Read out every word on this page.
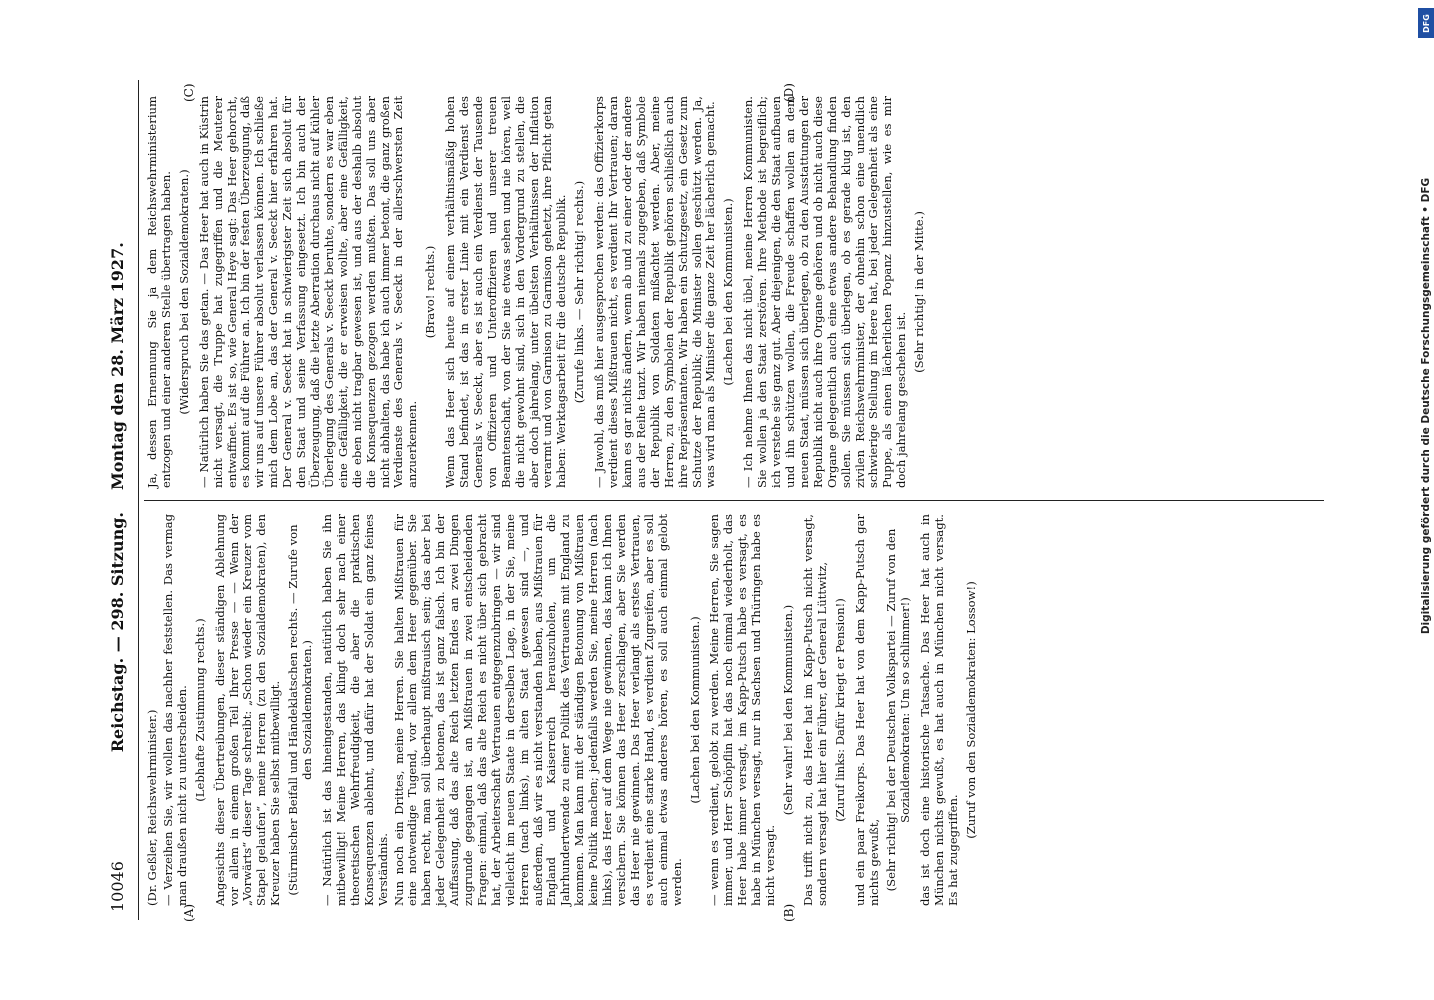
10046
Reichstag. — 298. Sitzung.
Montag den 28. März 1927.
(A)	(B)
(C)	(D)

(Dr. Geßler, Reichswehrminister.) — Verzeihen Sie, wir wollen das nachher feststellen. Das vermag man draußen nicht zu unterscheiden. (Lebhafte Zustimmung rechts.) Angesichts dieser Übertreibungen, dieser ständigen Ablehnung vor allem in einem großen Teil Ihrer Presse — — Wenn der „Vorwärts“ dieser Tage schreibt: „Schon wieder ein Kreuzer vom Stapel gelaufen“, meine Herren (zu den Sozialdemokraten), den Kreuzer haben Sie selbst mitbewilligt. (Stürmischer Beifall und Händeklatschen rechts. — Zurufe von den Sozialdemokraten.) — Natürlich ist das hineingestanden, natürlich haben Sie ihn mitbewilligt! Meine Herren, das klingt doch sehr nach einer theoretischen Wehrfreudigkeit, die aber die praktischen Konsequenzen ablehnt, und dafür hat der Soldat ein ganz feines Verständnis. Nun noch ein Drittes, meine Herren. Sie halten Mißtrauen für eine notwendige Tugend, vor allem dem Heer gegenüber. Sie haben recht, man soll überhaupt mißtrauisch sein; das aber bei jeder Gelegenheit zu betonen, das ist ganz falsch. Ich bin der Auffassung, daß das alte Reich letzten Endes an zwei Dingen zugrunde gegangen ist, an Mißtrauen in zwei entscheidenden Fragen: einmal, daß das alte Reich es nicht über sich gebracht hat, der Arbeiterschaft Vertrauen entgegenzubringen — wir sind vielleicht im neuen Staate in derselben Lage, in der Sie, meine Herren (nach links), im alten Staat gewesen sind —, und außerdem, daß wir es nicht verstanden haben, aus Mißtrauen für England und Kaiserreich herauszuholen, um die Jahrhundertwende zu einer Politik des Vertrauens mit England zu kommen. Man kann mit der ständigen Betonung von Mißtrauen keine Politik machen; jedenfalls werden Sie, meine Herren (nach links), das Heer auf dem Wege nie gewinnen, das kann ich Ihnen versichern. Sie können das Heer zerschlagen, aber Sie werden das Heer nie gewinnen. Das Heer verlangt als erstes Vertrauen, es verdient eine starke Hand, es verdient Zugreifen, aber es soll auch einmal etwas anderes hören, es soll auch einmal gelobt werden.

(Lachen bei den Kommunisten.) — wenn es verdient, gelobt zu werden. Meine Herren, Sie sagen immer, und Herr Schöpflin hat das noch einmal wiederholt, das Heer habe immer versagt, im Kapp-Putsch habe es versagt, es habe in München versagt, nur in Sachsen und Thüringen habe es nicht versagt.

(Sehr wahr! bei den Kommunisten.) Das trifft nicht zu, das Heer hat im Kapp-Putsch nicht versagt, sondern versagt hat hier ein Führer, der General Lüttwitz, (Zuruf links: Dafür kriegt er Pension!) und ein paar Freikorps. Das Heer hat von dem Kapp-Putsch gar nichts gewußt, (Sehr richtig! bei der Deutschen Volkspartei — Zuruf von den Sozialdemokraten: Um so schlimmer!) das ist doch eine historische Tatsache. Das Heer hat auch in München nichts gewußt, es hat auch in München nicht versagt. Es hat zugegriffen.

(Zuruf von den Sozialdemokraten: Lossow!)

Ja, dessen Ernennung Sie ja dem Reichswehrministerium entzogen und einer anderen Stelle übertragen haben. (Widerspruch bei den Sozialdemokraten.) — Natürlich haben Sie das getan. — Das Heer hat auch in Küstrin nicht versagt, die Truppe hat zugegriffen und die Meuterer entwaffnet. Es ist so, wie General Heye sagt: Das Heer gehorcht, es kommt auf die Führer an. Ich bin der festen Überzeugung, daß wir uns auf unsere Führer absolut verlassen können. Ich schließe mich dem Lobe an, das der General v. Seeckt hier erfahren hat. Der General v. Seeckt hat in schwierigster Zeit sich absolut für den Staat und seine Verfassung eingesetzt. Ich bin auch der Überzeugung, daß die letzte Aberration durchaus nicht auf kühler Überlegung des Generals v. Seeckt beruhte, sondern es war eben eine Gefälligkeit, die er erweisen wollte, aber eine Gefälligkeit, die eben nicht tragbar gewesen ist, und aus der deshalb absolut die Konsequenzen gezogen werden mußten. Das soll uns aber nicht abhalten, das habe ich auch immer betont, die ganz großen Verdienste des Generals v. Seeckt in der allerschwersten Zeit anzuerkennen.

(Bravo! rechts.) Wenn das Heer sich heute auf einem verhältnismäßig hohen Stand befindet, ist das in erster Linie mit ein Verdienst des Generals v. Seeckt, aber es ist auch ein Verdienst der Tausende von Offizieren und Unteroffizieren und unserer treuen Beamtenschaft, von der Sie nie etwas sehen und nie hören, weil die nicht gewohnt sind, sich in den Vordergrund zu stellen, die aber doch jahrelang, unter übelsten Verhältnissen der Inflation verarmt und von Garnison zu Garnison gehetzt, ihre Pflicht getan haben: Werktagsarbeit für die deutsche Republik. (Zurufe links. — Sehr richtig! rechts.) — Jawohl, das muß hier ausgesprochen werden: das Offizierkorps verdient dieses Mißtrauen nicht, es verdient Ihr Vertrauen; daran kann es gar nichts ändern, wenn ab und zu einer oder der andere aus der Reihe tanzt. Wir haben niemals zugegeben, daß Symbole der Republik von Soldaten mißachtet werden. Aber, meine Herren, zu den Symbolen der Republik gehören schließlich auch ihre Repräsentanten. Wir haben ein Schutzgesetz, ein Gesetz zum Schutze der Republik; die Minister sollen geschützt werden. Ja, was wird man als Minister die ganze Zeit her lächerlich gemacht. (Lachen bei den Kommunisten.) — Ich nehme Ihnen das nicht übel, meine Herren Kommunisten. Sie wollen ja den Staat zerstören. Ihre Methode ist begreiflich; ich verstehe sie ganz gut. Aber diejenigen, die den Staat aufbauen und ihn schützen wollen, die Freude schaffen wollen an dem neuen Staat, müssen sich überlegen, ob zu den Ausstattungen der Republik nicht auch ihre Organe gehören und ob nicht auch diese Organe gelegentlich auch eine etwas andere Behandlung finden sollen. Sie müssen sich überlegen, ob es gerade klug ist, den zivilen Reichswehrminister, der ohnehin schon eine unendlich schwierige Stellung im Heere hat, bei jeder Gelegenheit als eine Puppe, als einen lächerlichen Popanz hinzustellen, wie es mir doch jahrelang geschehen ist.

(Sehr richtig! in der Mitte.)

DFG
Digitalisierung gefördert durch die Deutsche Forschungsgemeinschaft • DFG
